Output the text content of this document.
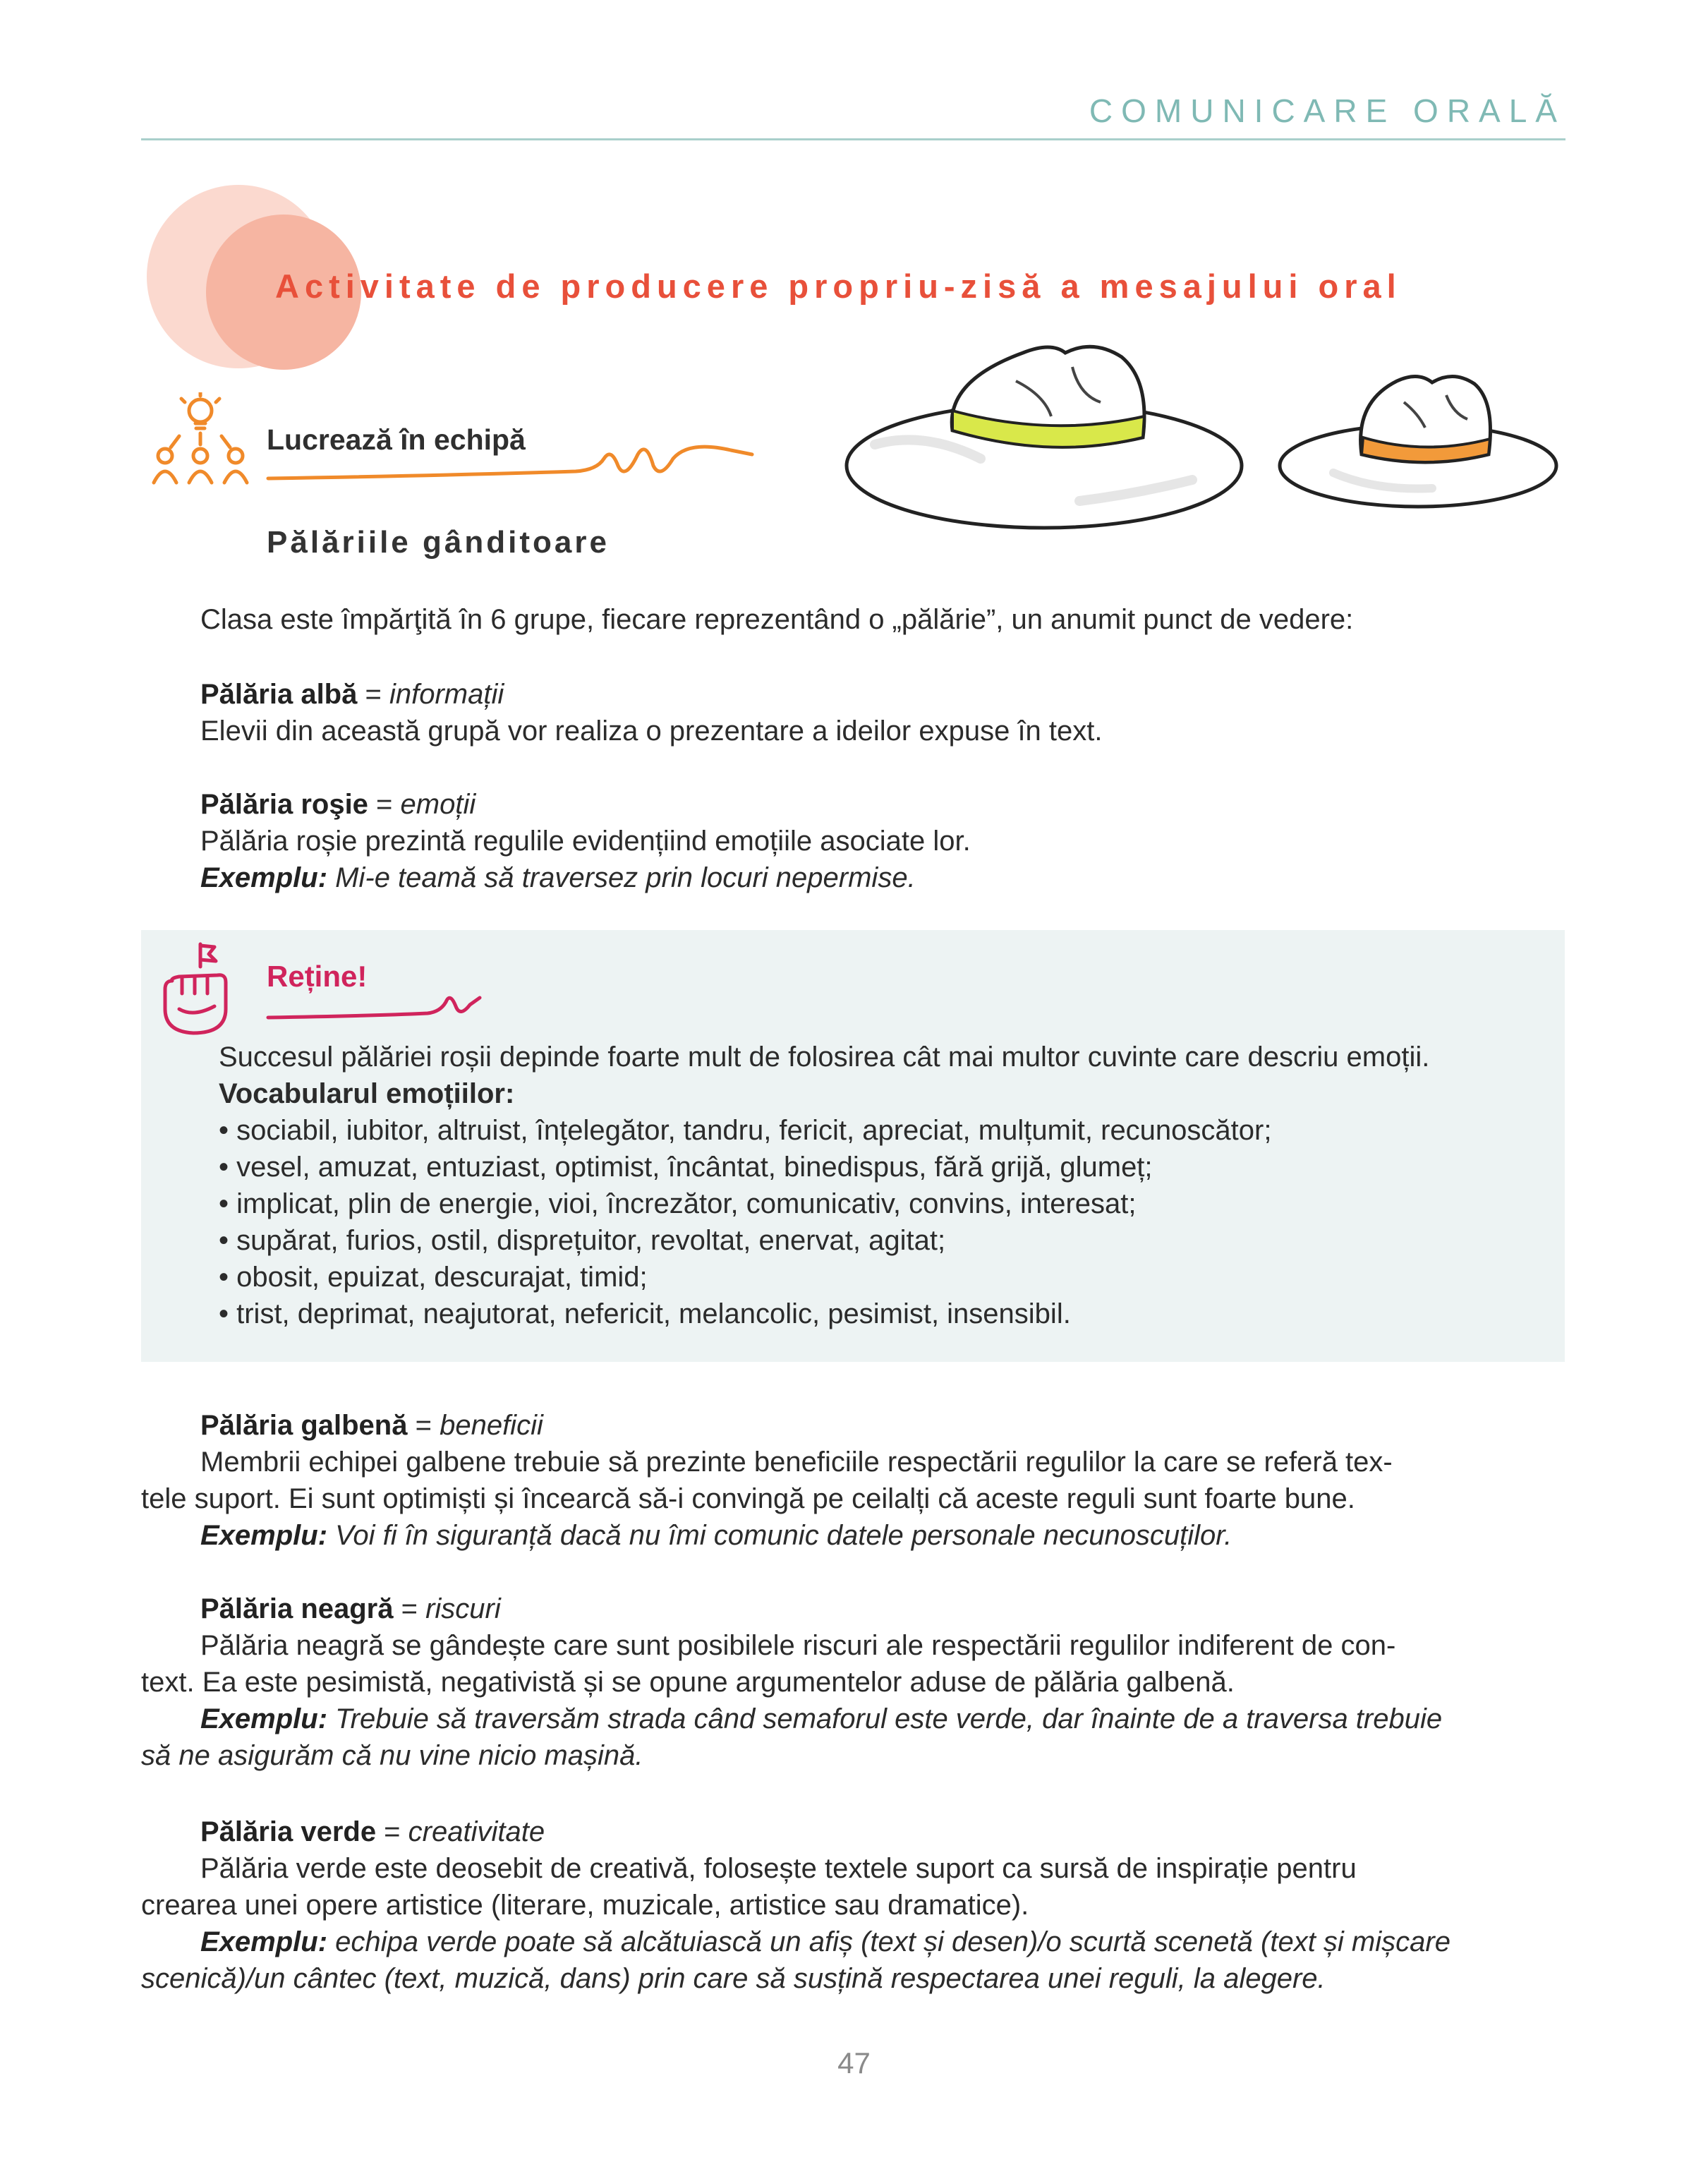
COMUNICARE ORALĂ
Activitate de producere propriu-zisă a mesajului oral
Lucrează în echipă
Pălăriile gânditoare
Clasa este împărţită în 6 grupe, fiecare reprezentând o „pălărie”, un anumit punct de vedere:
Pălăria albă = informații
Elevii din această grupă vor realiza o prezentare a ideilor expuse în text.
Pălăria roşie = emoții
Pălăria roșie prezintă regulile evidențiind emoțiile asociate lor.
Exemplu: Mi-e teamă să traversez prin locuri nepermise.
Reține!
Succesul pălăriei roșii depinde foarte mult de folosirea cât mai multor cuvinte care descriu emoții.
Vocabularul emoțiilor:
• sociabil, iubitor, altruist, înțelegător, tandru, fericit, apreciat, mulțumit, recunoscător;
• vesel, amuzat, entuziast, optimist, încântat, binedispus, fără grijă, glumeț;
• implicat, plin de energie, vioi, încrezător, comunicativ, convins, interesat;
• supărat, furios, ostil, disprețuitor, revoltat, enervat, agitat;
• obosit, epuizat, descurajat, timid;
• trist, deprimat, neajutorat, nefericit, melancolic, pesimist, insensibil.
Pălăria galbenă = beneficii
Membrii echipei galbene trebuie să prezinte beneficiile respectării regulilor la care se referă tex-
tele suport. Ei sunt optimiști și încearcă să-i convingă pe ceilalți că aceste reguli sunt foarte bune.
Exemplu: Voi fi în siguranță dacă nu îmi comunic datele personale necunoscuților.
Pălăria neagră = riscuri
Pălăria neagră se gândește care sunt posibilele riscuri ale respectării regulilor indiferent de con-
text. Ea este pesimistă, negativistă și se opune argumentelor aduse de pălăria galbenă.
Exemplu: Trebuie să traversăm strada când semaforul este verde, dar înainte de a traversa trebuie
să ne asigurăm că nu vine nicio mașină.
Pălăria verde = creativitate
Pălăria verde este deosebit de creativă, folosește textele suport ca sursă de inspirație pentru
crearea unei opere artistice (literare, muzicale, artistice sau dramatice).
Exemplu: echipa verde poate să alcătuiască un afiș (text și desen)/o scurtă scenetă (text și mișcare
scenică)/un cântec (text, muzică, dans) prin care să susțină respectarea unei reguli, la alegere.
47
